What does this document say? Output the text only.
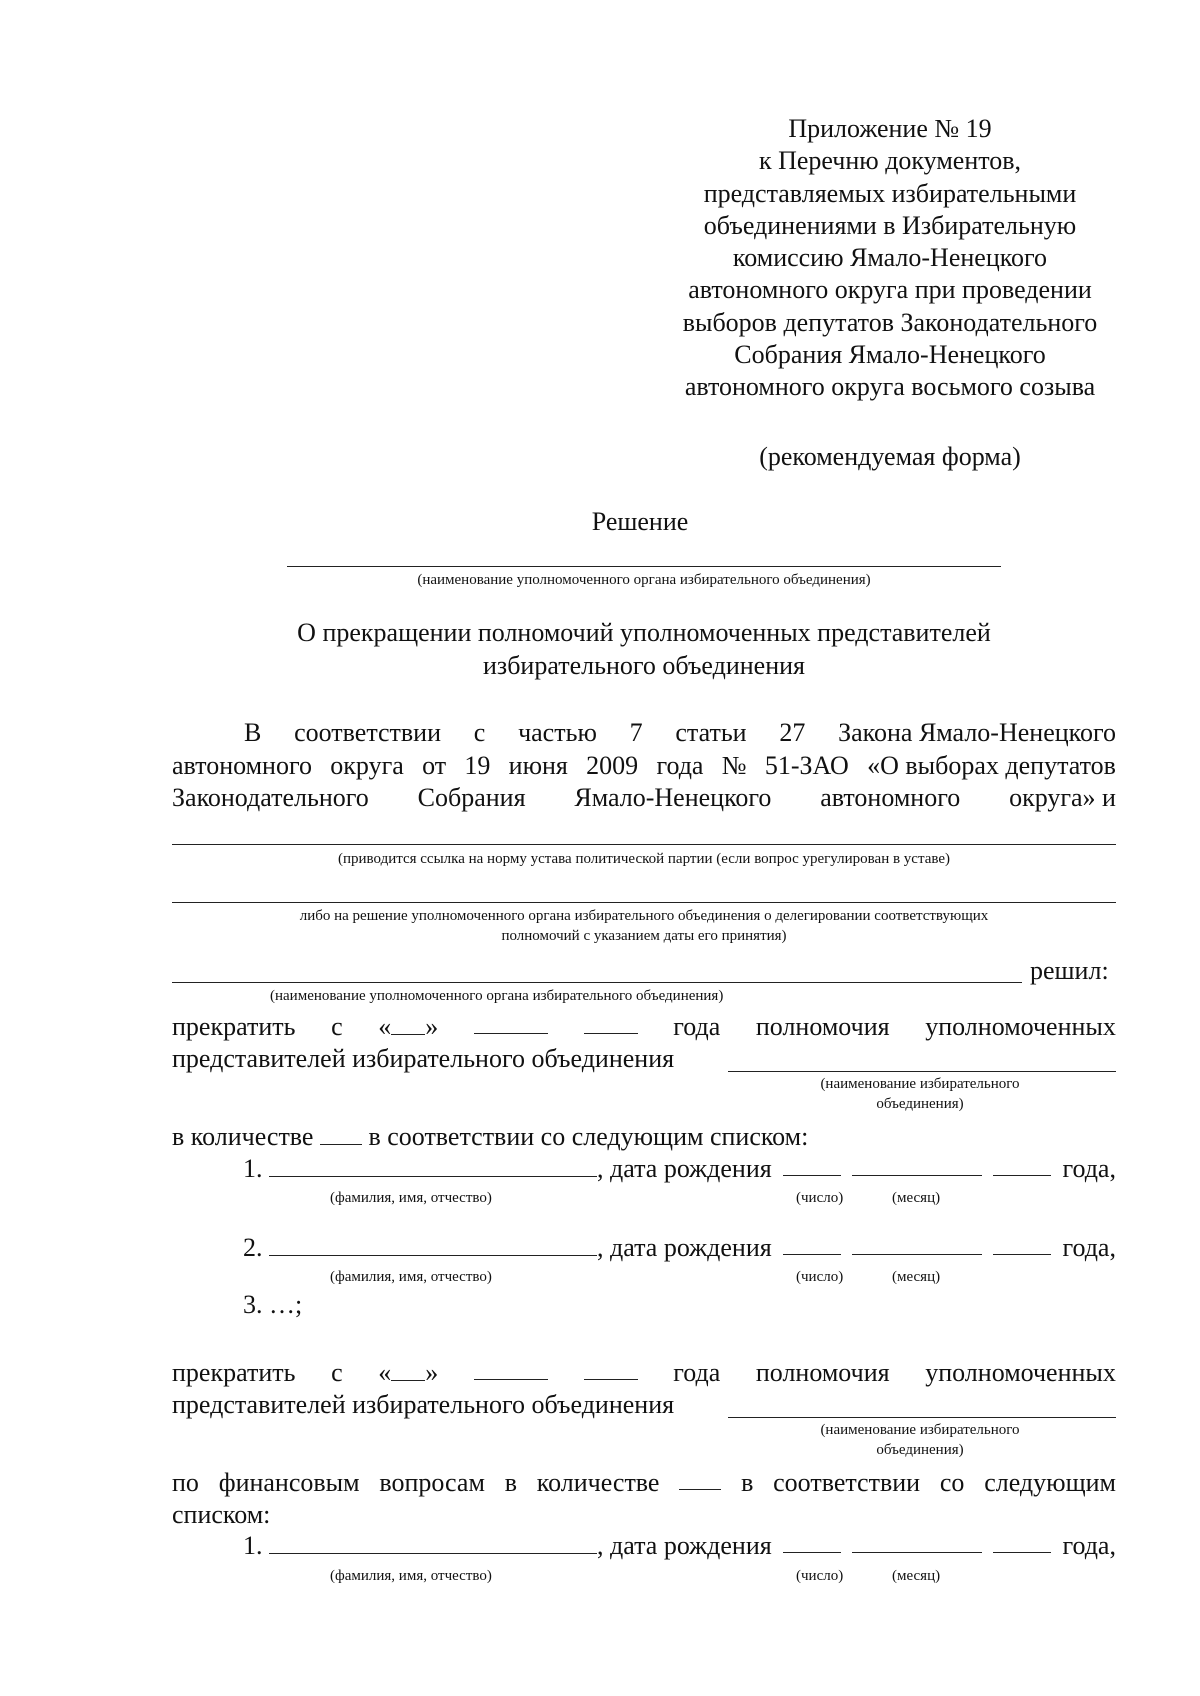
Приложение № 19
к Перечню документов,
представляемых избирательными
объединениями в Избирательную
комиссию Ямало-Ненецкого
автономного округа при проведении
выборов депутатов Законодательного
Собрания Ямало-Ненецкого
автономного округа восьмого созыва
(рекомендуемая форма)
Решение
(наименование уполномоченного органа избирательного объединения)
О прекращении полномочий уполномоченных представителей
избирательного объединения
В соответствии с частью 7 статьи 27 Закона Ямало-Ненецкого
автономного округа от 19 июня 2009 года № 51-ЗАО «О выборах депутатов
Законодательного Собрания Ямало-Ненецкого автономного округа» и
(приводится ссылка на норму устава политической партии (если вопрос урегулирован в уставе)
либо на решение уполномоченного органа избирательного объединения о делегировании соответствующих
полномочий с указанием даты его принятия)
решил:
(наименование уполномоченного органа избирательного объединения)
прекратить с « »	года полномочия уполномоченных
представителей избирательного объединения
(наименование избирательного
объединения)
в количестве в соответствии со следующим списком:
1.	, дата рождения	года,
(фамилия, имя, отчество)	(число)	(месяц)
2.	, дата рождения	года,
(фамилия, имя, отчество)	(число)	(месяц)
3. …;
прекратить с « »	года полномочия уполномоченных
представителей избирательного объединения
(наименование избирательного
объединения)
по финансовым вопросам в количестве	в соответствии со следующим
списком:
1.	, дата рождения	года,
(фамилия, имя, отчество)	(число)	(месяц)
